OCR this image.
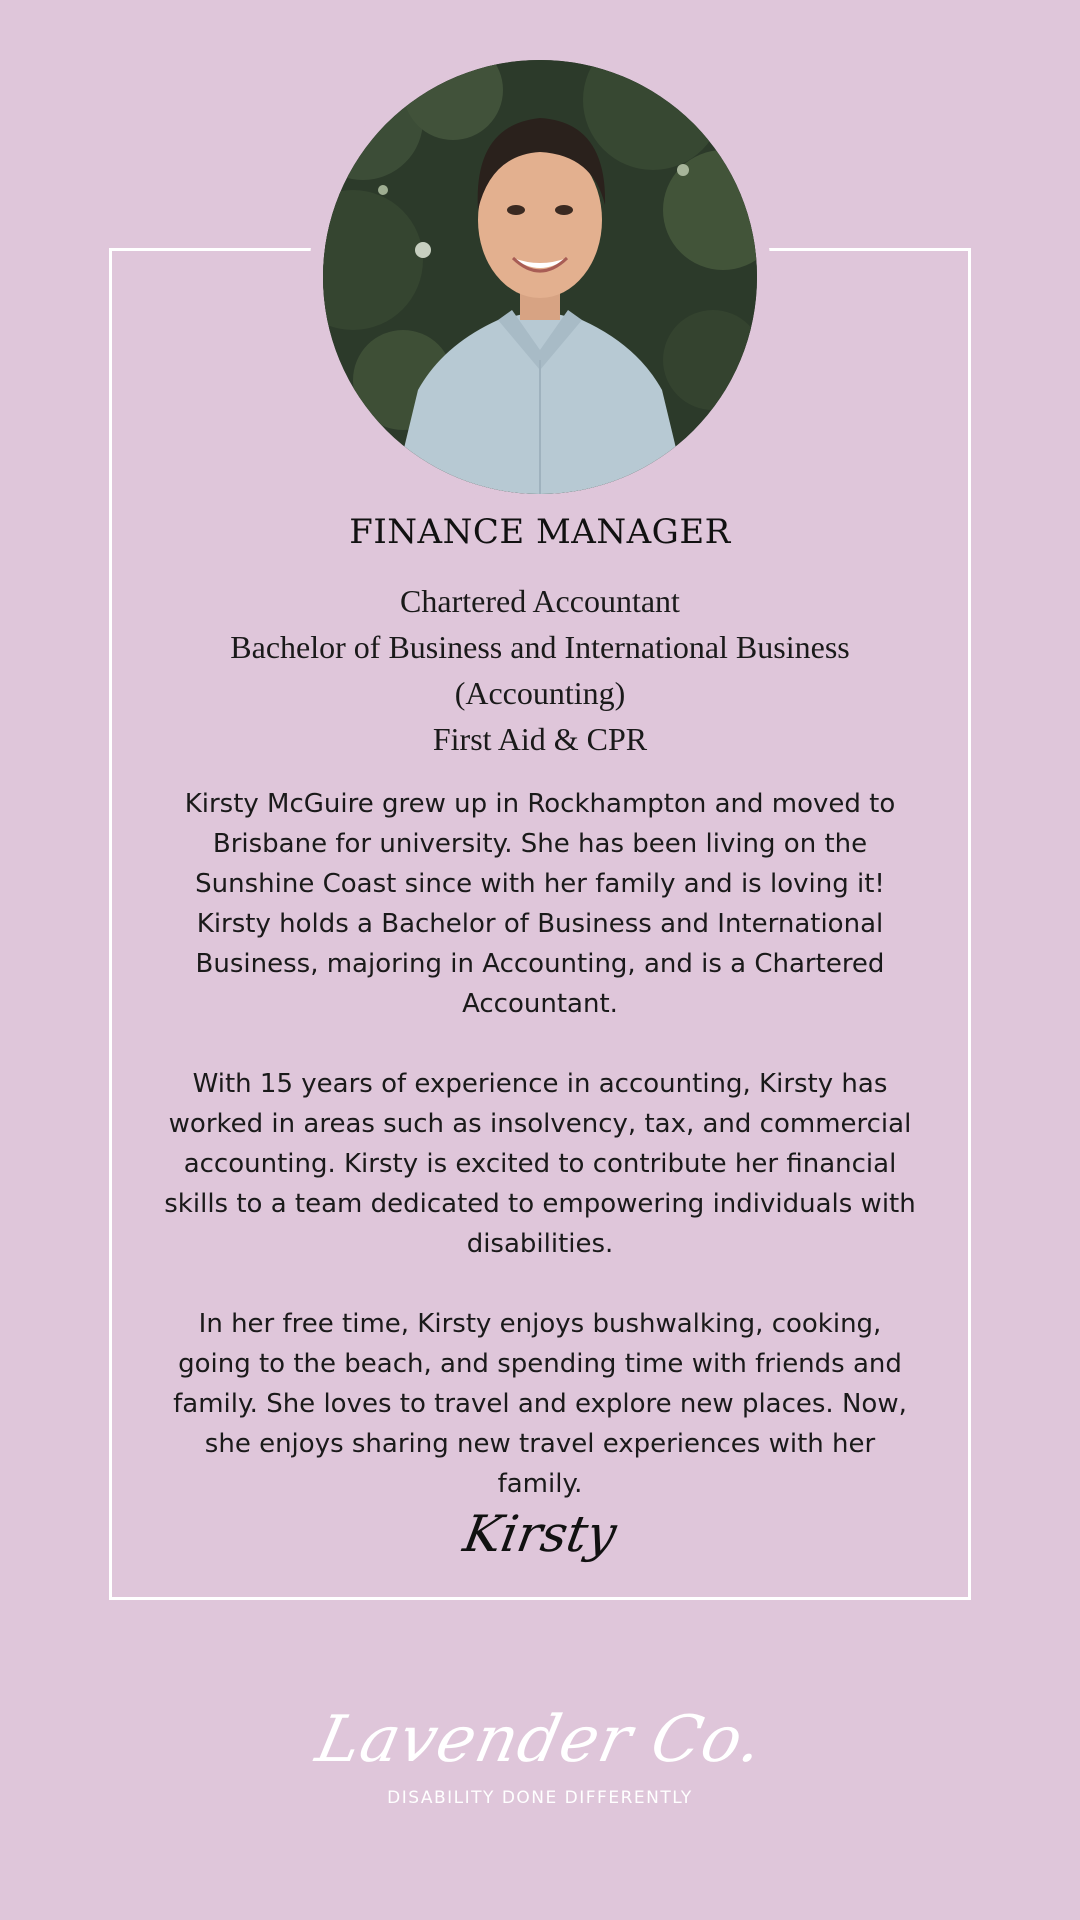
FINANCE MANAGER
Chartered Accountant
Bachelor of Business and International Business
(Accounting)
First Aid & CPR

Kirsty McGuire grew up in Rockhampton and moved to Brisbane for university. She has been living on the Sunshine Coast since with her family and is loving it! Kirsty holds a Bachelor of Business and International Business, majoring in Accounting, and is a Chartered Accountant.

With 15 years of experience in accounting, Kirsty has worked in areas such as insolvency, tax, and commercial accounting. Kirsty is excited to contribute her financial skills to a team dedicated to empowering individuals with disabilities.

In her free time, Kirsty enjoys bushwalking, cooking, going to the beach, and spending time with friends and family. She loves to travel and explore new places. Now, she enjoys sharing new travel experiences with her family.

Kirsty
Lavender Co.
DISABILITY DONE DIFFERENTLY
